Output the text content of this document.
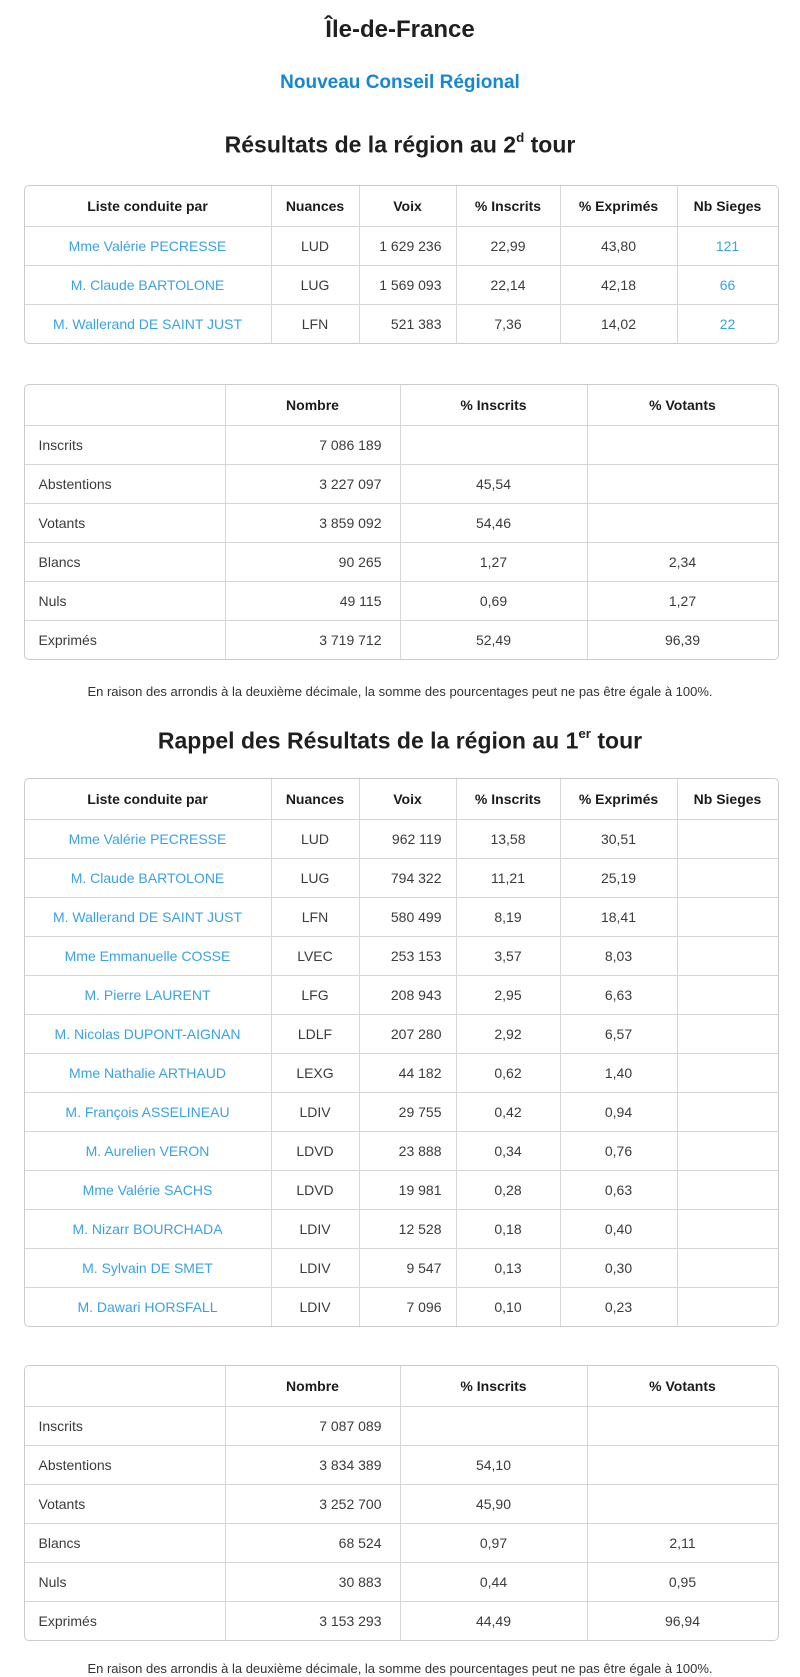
Île-de-France
Nouveau Conseil Régional
Résultats de la région au 2$^d$ tour
Liste conduite par	Nuances	Voix	% Inscrits	% Exprimés	Nb Sieges
Mme Valérie PECRESSE	LUD	1 629 236	22,99	43,80	121
M. Claude BARTOLONE	LUG	1 569 093	22,14	42,18	66
M. Wallerand DE SAINT JUST	LFN	521 383	7,36	14,02	22
	Nombre	% Inscrits	% Votants
Inscrits	7 086 189		
Abstentions	3 227 097	45,54	
Votants	3 859 092	54,46	
Blancs	90 265	1,27	2,34
Nuls	49 115	0,69	1,27
Exprimés	3 719 712	52,49	96,39
En raison des arrondis à la deuxième décimale, la somme des pourcentages peut ne pas être égale à 100%.
Rappel des Résultats de la région au 1er tour
Liste conduite par	Nuances	Voix	% Inscrits	% Exprimés	Nb Sieges
Mme Valérie PECRESSE	LUD	962 119	13,58	30,51	
M. Claude BARTOLONE	LUG	794 322	11,21	25,19	
M. Wallerand DE SAINT JUST	LFN	580 499	8,19	18,41	
Mme Emmanuelle COSSE	LVEC	253 153	3,57	8,03	
M. Pierre LAURENT	LFG	208 943	2,95	6,63	
M. Nicolas DUPONT-AIGNAN	LDLF	207 280	2,92	6,57	
Mme Nathalie ARTHAUD	LEXG	44 182	0,62	1,40	
M. François ASSELINEAU	LDIV	29 755	0,42	0,94	
M. Aurelien VERON	LDVD	23 888	0,34	0,76	
Mme Valérie SACHS	LDVD	19 981	0,28	0,63	
M. Nizarr BOURCHADA	LDIV	12 528	0,18	0,40	
M. Sylvain DE SMET	LDIV	9 547	0,13	0,30	
M. Dawari HORSFALL	LDIV	7 096	0,10	0,23	
	Nombre	% Inscrits	% Votants
Inscrits	7 087 089		
Abstentions	3 834 389	54,10	
Votants	3 252 700	45,90	
Blancs	68 524	0,97	2,11
Nuls	30 883	0,44	0,95
Exprimés	3 153 293	44,49	96,94
En raison des arrondis à la deuxième décimale, la somme des pourcentages peut ne pas être égale à 100%.
